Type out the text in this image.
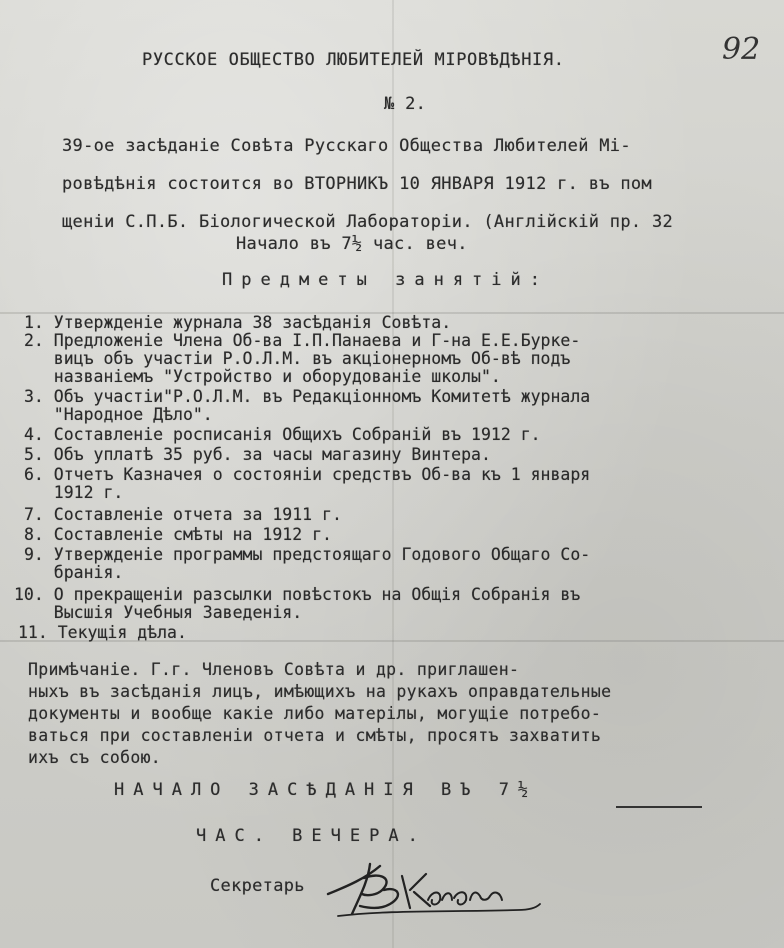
92
РУССКОЕ ОБЩЕСТВО ЛЮБИТЕЛЕЙ МIРОВѢДѢНIЯ.
№ 2.
39-ое засѣданiе Совѣта Русскаго Общества Любителей Мi-
ровѣдѣнiя состоится во ВТОРНИКЪ 10 ЯНВАРЯ 1912 г. въ пом
щенiи С.П.Б. Бiологической Лабораторiи. (Англiйскiй пр. 32
Начало въ 7½ час. веч.
Предметы занятiй:
1. Утвержденiе журнала 38 засѣданiя Совѣта.
2. Предложенiе Члена Об-ва I.П.Панаева и Г-на Е.Е.Буркe-
вицъ объ участiи Р.О.Л.М. въ акцiонерномъ Об-вѣ подъ
названiемъ "Устройство и оборудованiе школы".
3. Объ участiи"Р.О.Л.М. въ Редакцiонномъ Комитетѣ журнала
"Народное Дѣло".
4. Составленiе росписанiя Общихъ Собранiй въ 1912 г.
5. Объ уплатѣ 35 руб. за часы магазину Винтера.
6. Отчетъ Казначея о состоянiи средствъ Об-ва къ 1 января
1912 г.
7. Составленiе отчета за 1911 г.
8. Составленiе смѣты на 1912 г.
9. Утвержденiе программы предстоящаго Годового Общаго Со-
бранiя.
10. О прекращенiи разсылки повѣстокъ на Общiя Собранiя въ
Высшiя Учебныя Заведенiя.
11. Текущiя дѣла.
Примѣчанiе. Г.г. Членовъ Совѣта и др. приглашен-
ныхъ въ засѣданiя лицъ, имѣющихъ на рукахъ оправдательные
документы и вообще какiе либо матерiлы, могущiе потребо-
ваться при составленiи отчета и смѣты, просятъ захватить
ихъ съ собою.
НАЧАЛО ЗАСѢДАНIЯ ВЪ 7½
ЧАС. ВЕЧЕРА.
Секретарь
